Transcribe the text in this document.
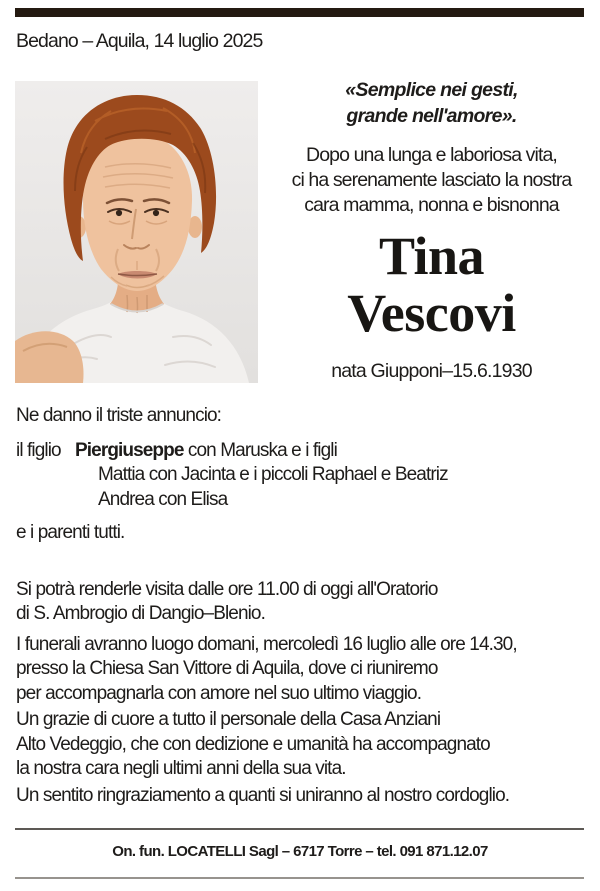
Bedano – Aquila, 14 luglio 2025
«Semplice nei gesti,
grande nell'amore».
Dopo una lunga e laboriosa vita,
ci ha serenamente lasciato la nostra
cara mamma, nonna e bisnonna
Tina
Vescovi
nata Giupponi–15.6.1930
Ne danno il triste annuncio:
il figlio Piergiuseppe con Maruska e i figli
Mattia con Jacinta e i piccoli Raphael e Beatriz
Andrea con Elisa
e i parenti tutti.
Si potrà renderle visita dalle ore 11.00 di oggi all'Oratorio
di S. Ambrogio di Dangio–Blenio.
I funerali avranno luogo domani, mercoledì 16 luglio alle ore 14.30,
presso la Chiesa San Vittore di Aquila, dove ci riuniremo
per accompagnarla con amore nel suo ultimo viaggio.
Un grazie di cuore a tutto il personale della Casa Anziani
Alto Vedeggio, che con dedizione e umanità ha accompagnato
la nostra cara negli ultimi anni della sua vita.
Un sentito ringraziamento a quanti si uniranno al nostro cordoglio.
On. fun. LOCATELLI Sagl – 6717 Torre – tel. 091 871.12.07
